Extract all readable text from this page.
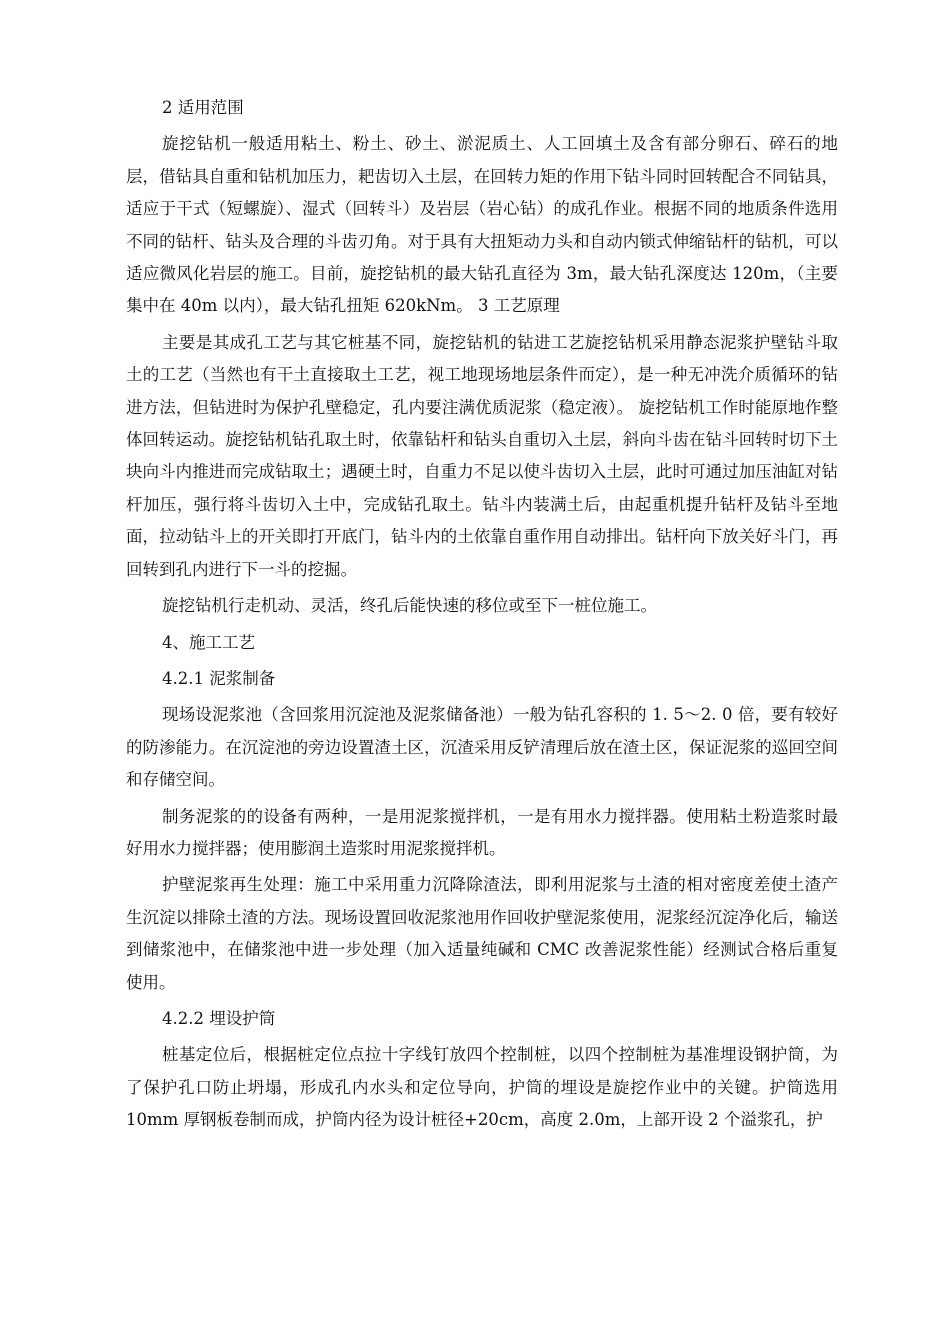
2 适用范围

旋挖钻机一般适用粘土、粉土、砂土、淤泥质土、人工回填土及含有部分卵石、碎石的地层，借钻具自重和钻机加压力，耙齿切入土层，在回转力矩的作用下钻斗同时回转配合不同钻具，适应于干式（短螺旋）、湿式（回转斗）及岩层（岩心钻）的成孔作业。根据不同的地质条件选用不同的钻杆、钻头及合理的斗齿刃角。对于具有大扭矩动力头和自动内锁式伸缩钻杆的钻机，可以适应微风化岩层的施工。目前，旋挖钻机的最大钻孔直径为 3m，最大钻孔深度达 120m，（主要集中在 40m 以内），最大钻孔扭矩 620kNm。 3 工艺原理

主要是其成孔工艺与其它桩基不同，旋挖钻机的钻进工艺旋挖钻机采用静态泥浆护壁钻斗取土的工艺（当然也有干土直接取土工艺，视工地现场地层条件而定），是一种无冲洗介质循环的钻进方法，但钻进时为保护孔壁稳定，孔内要注满优质泥浆（稳定液）。 旋挖钻机工作时能原地作整体回转运动。旋挖钻机钻孔取土时，依靠钻杆和钻头自重切入土层，斜向斗齿在钻斗回转时切下土块向斗内推进而完成钻取土；遇硬土时，自重力不足以使斗齿切入土层，此时可通过加压油缸对钻杆加压，强行将斗齿切入土中，完成钻孔取土。钻斗内装满土后，由起重机提升钻杆及钻斗至地面，拉动钻斗上的开关即打开底门，钻斗内的土依靠自重作用自动排出。钻杆向下放关好斗门，再回转到孔内进行下一斗的挖掘。

旋挖钻机行走机动、灵活，终孔后能快速的移位或至下一桩位施工。

4、施工工艺

4.2.1 泥浆制备

现场设泥浆池（含回浆用沉淀池及泥浆储备池）一般为钻孔容积的 1. 5～2. 0 倍，要有较好的防渗能力。在沉淀池的旁边设置渣土区，沉渣采用反铲清理后放在渣土区，保证泥浆的巡回空间和存储空间。

制务泥浆的的设备有两种，一是用泥浆搅拌机，一是有用水力搅拌器。使用粘土粉造浆时最好用水力搅拌器；使用膨润土造浆时用泥浆搅拌机。

护壁泥浆再生处理：施工中采用重力沉降除渣法，即利用泥浆与土渣的相对密度差使土渣产生沉淀以排除土渣的方法。现场设置回收泥浆池用作回收护壁泥浆使用，泥浆经沉淀净化后，输送到储浆池中，在储浆池中进一步处理（加入适量纯碱和 CMC 改善泥浆性能）经测试合格后重复使用。

4.2.2 埋设护筒

桩基定位后，根据桩定位点拉十字线钉放四个控制桩，以四个控制桩为基准埋设钢护筒，为了保护孔口防止坍塌，形成孔内水头和定位导向，护筒的埋设是旋挖作业中的关键。护筒选用 10mm 厚钢板卷制而成，护筒内径为设计桩径+20cm，高度 2.0m，上部开设 2 个溢浆孔，护
